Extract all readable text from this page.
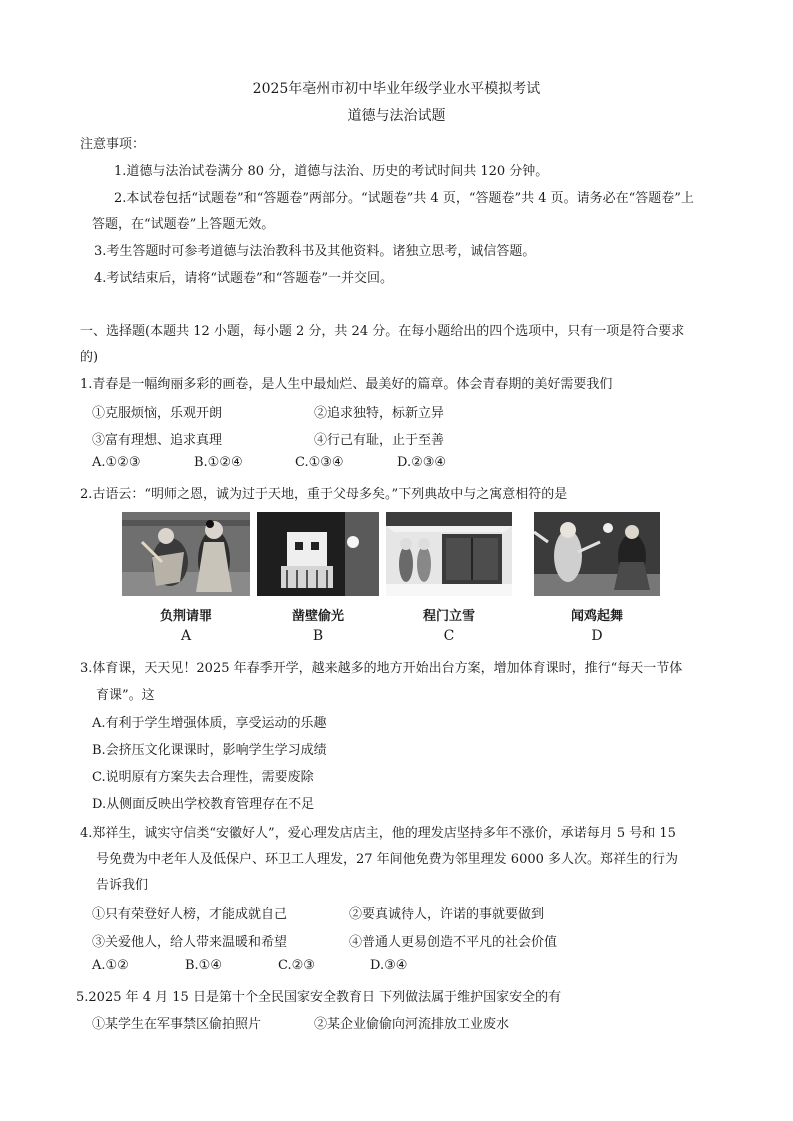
2025年亳州市初中毕业年级学业水平模拟考试
道德与法治试题
注意事项：
1.道德与法治试卷满分 80 分，道德与法治、历史的考试时间共 120 分钟。
2.本试卷包括“试题卷”和“答题卷”两部分。“试题卷”共 4 页，“答题卷”共 4 页。请务必在“答题卷”上
答题，在“试题卷”上答题无效。
3.考生答题时可参考道德与法治教科书及其他资料。诸独立思考，诚信答题。
4.考试结束后，请将“试题卷”和“答题卷”一并交回。
一、选择题(本题共 12 小题，每小题 2 分，共 24 分。在每小题给出的四个选项中，只有一项是符合要求
的)
1.青春是一幅绚丽多彩的画卷，是人生中最灿烂、最美好的篇章。体会青春期的美好需要我们
①克服烦恼，乐观开朗	②追求独特，标新立异
③富有理想、追求真理	④行己有耻，止于至善
A.①②③	B.①②④	C.①③④	D.②③④
2.古语云：“明师之恩，诚为过于天地，重于父母多矣。”下列典故中与之寓意相符的是
负荆请罪	凿壁偷光	程门立雪	闻鸡起舞
A	B	C	D
3.体育课，天天见！2025 年春季开学，越来越多的地方开始出台方案，增加体育课时，推行“每天一节体
育课”。这
A.有利于学生增强体质，享受运动的乐趣
B.会挤压文化课课时，影响学生学习成绩
C.说明原有方案失去合理性，需要废除
D.从侧面反映出学校教育管理存在不足
4.郑祥生，诚实守信类“安徽好人”，爱心理发店店主，他的理发店坚持多年不涨价，承诺每月 5 号和 15
号免费为中老年人及低保户、环卫工人理发，27 年间他免费为邻里理发 6000 多人次。郑祥生的行为
告诉我们
①只有荣登好人榜，才能成就自己	②要真诚待人，许诺的事就要做到
③关爱他人，给人带来温暖和希望	④普通人更易创造不平凡的社会价值
A.①②	B.①④	C.②③	D.③④
5.2025 年 4 月 15 日是第十个全民国家安全教育日 下列做法属于维护国家安全的有
①某学生在军事禁区偷拍照片	②某企业偷偷向河流排放工业废水
